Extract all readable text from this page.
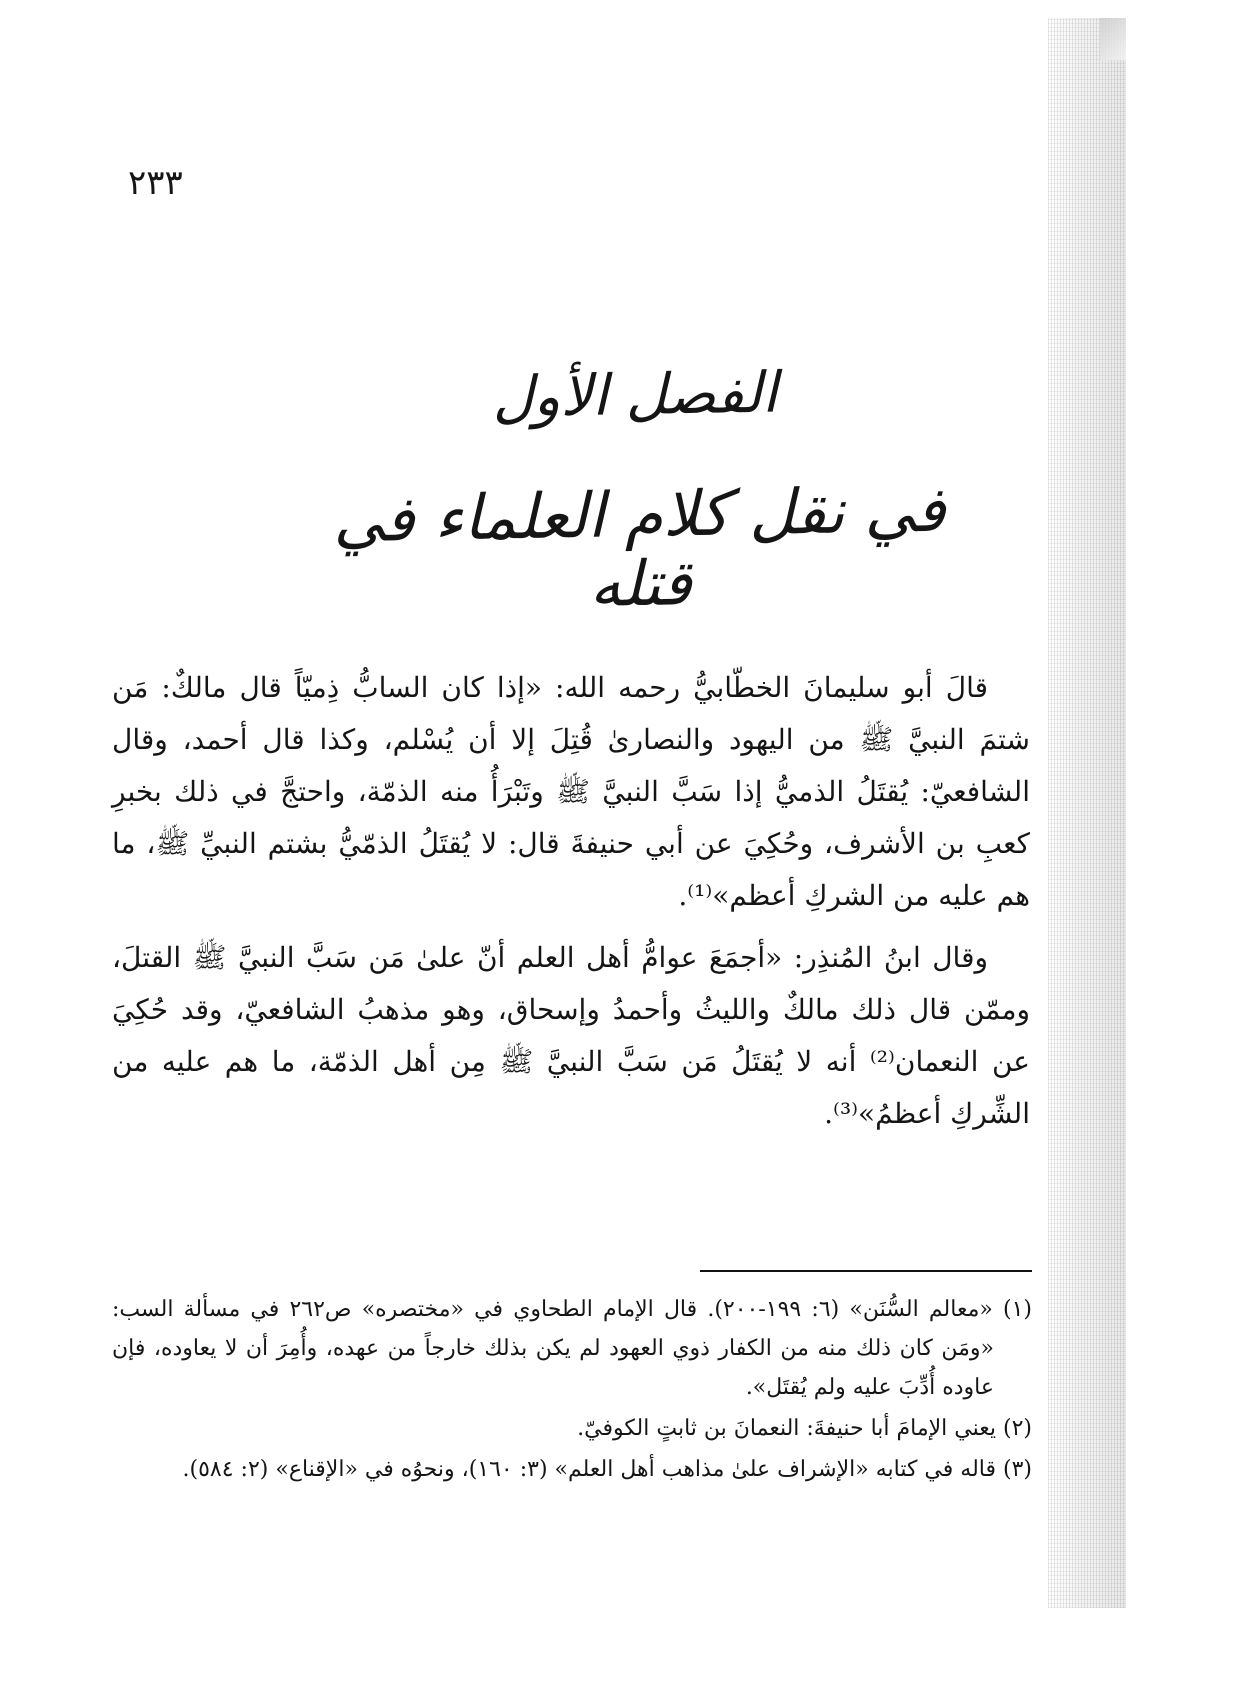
٢٣٣
الفصل الأول
في نقل كلام العلماء في قتله

قالَ أبو سليمانَ الخطّابيُّ رحمه الله: «إذا كان السابُّ ذِميّاً قال مالكٌ: مَن شتمَ النبيَّ ﷺ من اليهود والنصارىٰ قُتِلَ إلا أن يُسْلم، وكذا قال أحمد، وقال الشافعيّ: يُقتَلُ الذميُّ إذا سَبَّ النبيَّ ﷺ وتَبْرَأُ منه الذمّة، واحتجَّ في ذلك بخبرِ كعبِ بن الأشرف، وحُكِيَ عن أبي حنيفةَ قال: لا يُقتَلُ الذمّيُّ بشتم النبيِّ ﷺ، ما هم عليه من الشركِ أعظم»⁽¹⁾.

وقال ابنُ المُنذِر: «أجمَعَ عوامُّ أهل العلم أنّ علىٰ مَن سَبَّ النبيَّ ﷺ القتلَ، وممّن قال ذلك مالكٌ والليثُ وأحمدُ وإسحاق، وهو مذهبُ الشافعيّ، وقد حُكِيَ عن النعمان⁽²⁾ أنه لا يُقتَلُ مَن سَبَّ النبيَّ ﷺ مِن أهل الذمّة، ما هم عليه من الشِّركِ أعظمُ»⁽³⁾.

(١) «معالم السُّنَن» (٦: ١٩٩-٢٠٠). قال الإمام الطحاوي في «مختصره» ص٢٦٢ في مسألة السب: «ومَن كان ذلك منه من الكفار ذوي العهود لم يكن بذلك خارجاً من عهده، وأُمِرَ أن لا يعاوده، فإن عاوده أُدِّبَ عليه ولم يُقتَل».

(٢) يعني الإمامَ أبا حنيفةَ: النعمانَ بن ثابتٍ الكوفيّ.

(٣) قاله في كتابه «الإشراف علىٰ مذاهب أهل العلم» (٣: ١٦٠)، ونحوُه في «الإقناع» (٢: ٥٨٤).
